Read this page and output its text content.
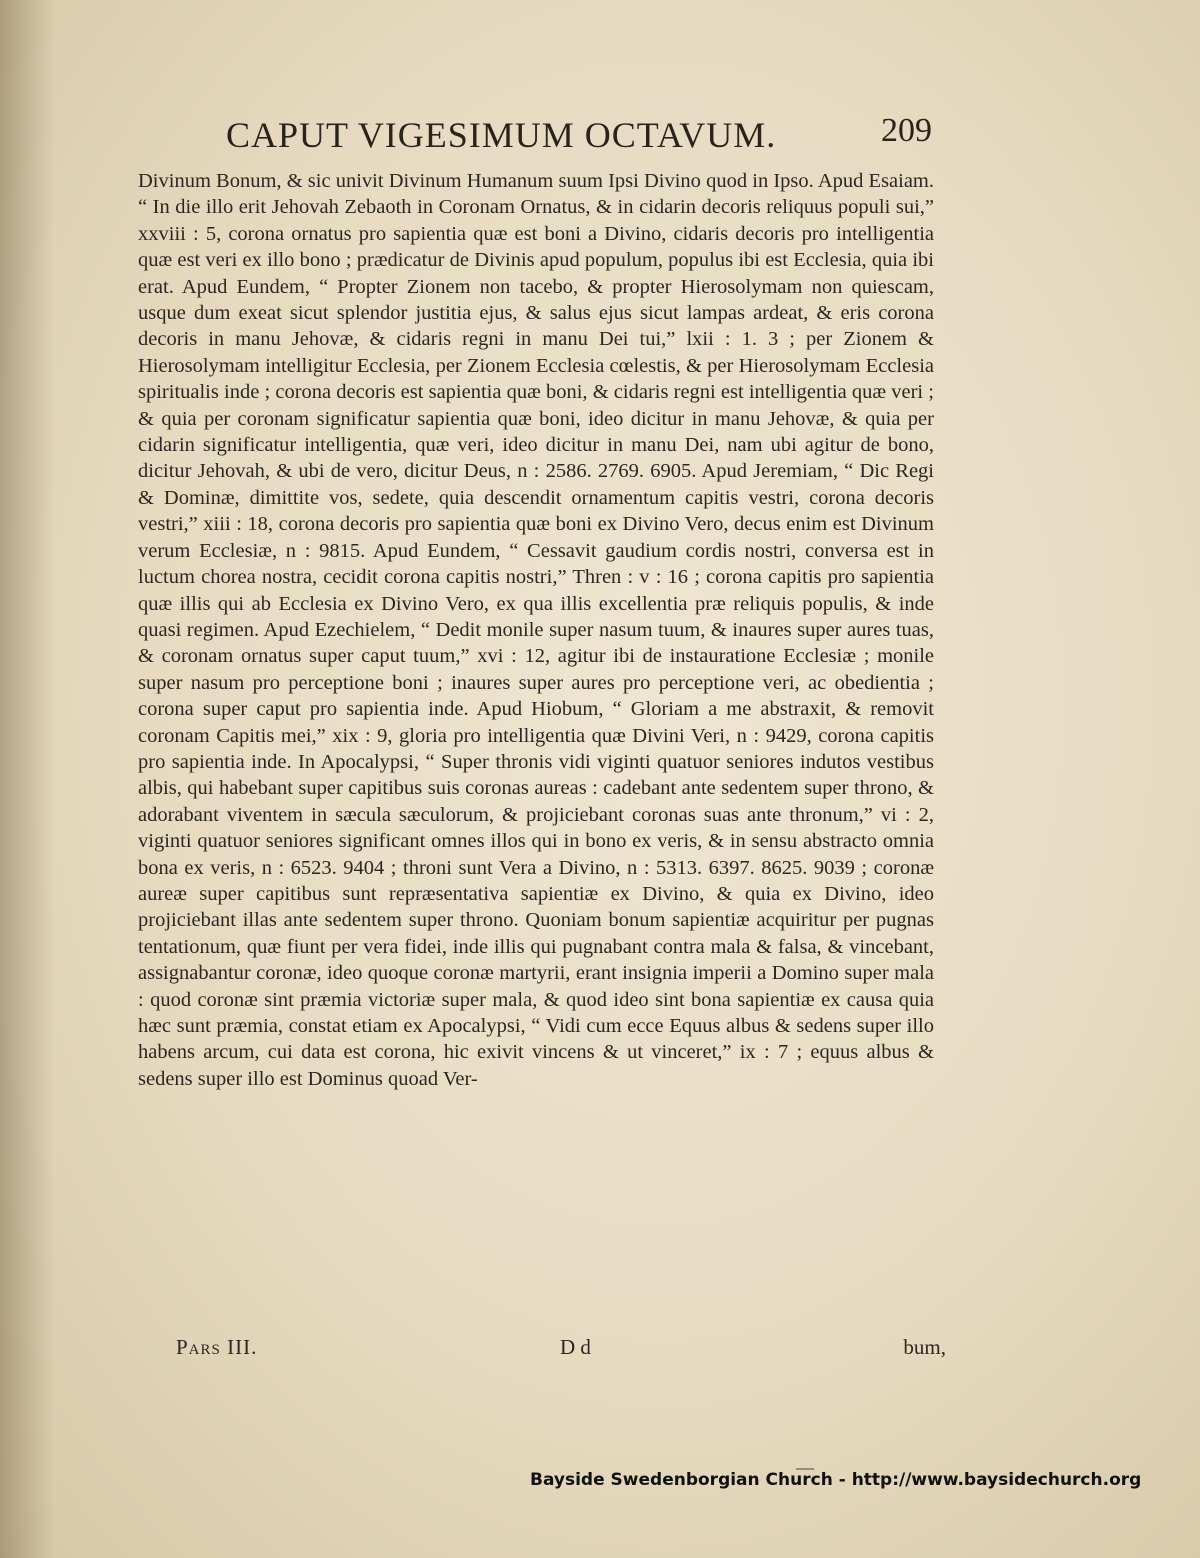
CAPUT VIGESIMUM OCTAVUM.	209

Divinum Bonum, & sic univit Divinum Humanum suum Ipsi Divino quod in Ipso. Apud Esaiam. “ In die illo erit Jehovah Zebaoth in Coronam Ornatus, & in cidarin decoris reliquus populi sui,” xxviii : 5, corona ornatus pro sapientia quæ est boni a Divino, cidaris decoris pro intelligentia quæ est veri ex illo bono ; prædicatur de Divinis apud populum, populus ibi est Ecclesia, quia ibi erat. Apud Eundem, “ Propter Zionem non tacebo, & propter Hierosolymam non quiescam, usque dum exeat sicut splendor justitia ejus, & salus ejus sicut lampas ardeat, & eris corona decoris in manu Jehovæ, & cidaris regni in manu Dei tui,” lxii : 1. 3 ; per Zionem & Hierosolymam intelligitur Ecclesia, per Zionem Ecclesia cœlestis, & per Hierosolymam Ecclesia spiritualis inde ; corona decoris est sapientia quæ boni, & cidaris regni est intelligentia quæ veri ; & quia per coronam significatur sapientia quæ boni, ideo dicitur in manu Jehovæ, & quia per cidarin significatur intelligentia, quæ veri, ideo dicitur in manu Dei, nam ubi agitur de bono, dicitur Jehovah, & ubi de vero, dicitur Deus, n : 2586. 2769. 6905. Apud Jeremiam, “ Dic Regi & Dominæ, dimittite vos, sedete, quia descendit ornamentum capitis vestri, corona decoris vestri,” xiii : 18, corona decoris pro sapientia quæ boni ex Divino Vero, decus enim est Divinum verum Ecclesiæ, n : 9815. Apud Eundem, “ Cessavit gaudium cordis nostri, conversa est in luctum chorea nostra, cecidit corona capitis nostri,” Thren : v : 16 ; corona capitis pro sapientia quæ illis qui ab Ecclesia ex Divino Vero, ex qua illis excellentia præ reliquis populis, & inde quasi regimen. Apud Ezechielem, “ Dedit monile super nasum tuum, & inaures super aures tuas, & coronam ornatus super caput tuum,” xvi : 12, agitur ibi de instauratione Ecclesiæ ; monile super nasum pro perceptione boni ; inaures super aures pro perceptione veri, ac obedientia ; corona super caput pro sapientia inde. Apud Hiobum, “ Gloriam a me abstraxit, & removit coronam Capitis mei,” xix : 9, gloria pro intelligentia quæ Divini Veri, n : 9429, corona capitis pro sapientia inde. In Apocalypsi, “ Super thronis vidi viginti quatuor seniores indutos vestibus albis, qui habebant super capitibus suis coronas aureas : cadebant ante sedentem super throno, & adorabant viventem in sæcula sæculorum, & projiciebant coronas suas ante thronum,” vi : 2, viginti quatuor seniores significant omnes illos qui in bono ex veris, & in sensu abstracto omnia bona ex veris, n : 6523. 9404 ; throni sunt Vera a Divino, n : 5313. 6397. 8625. 9039 ; coronæ aureæ super capitibus sunt repræsentativa sapientiæ ex Divino, & quia ex Divino, ideo projiciebant illas ante sedentem super throno. Quoniam bonum sapientiæ acquiritur per pugnas tentationum, quæ fiunt per vera fidei, inde illis qui pugnabant contra mala & falsa, & vincebant, assignabantur coronæ, ideo quoque coronæ martyrii, erant insignia imperii a Domino super mala : quod coronæ sint præmia victoriæ super mala, & quod ideo sint bona sapientiæ ex causa quia hæc sunt præmia, constat etiam ex Apocalypsi, “ Vidi cum ecce Equus albus & sedens super illo habens arcum, cui data est corona, hic exivit vincens & ut vinceret,” ix : 7 ; equus albus & sedens super illo est Dominus quoad Ver-

Pars III.	D d	bum,
Bayside Swedenborgian Church - http://www.baysidechurch.org
